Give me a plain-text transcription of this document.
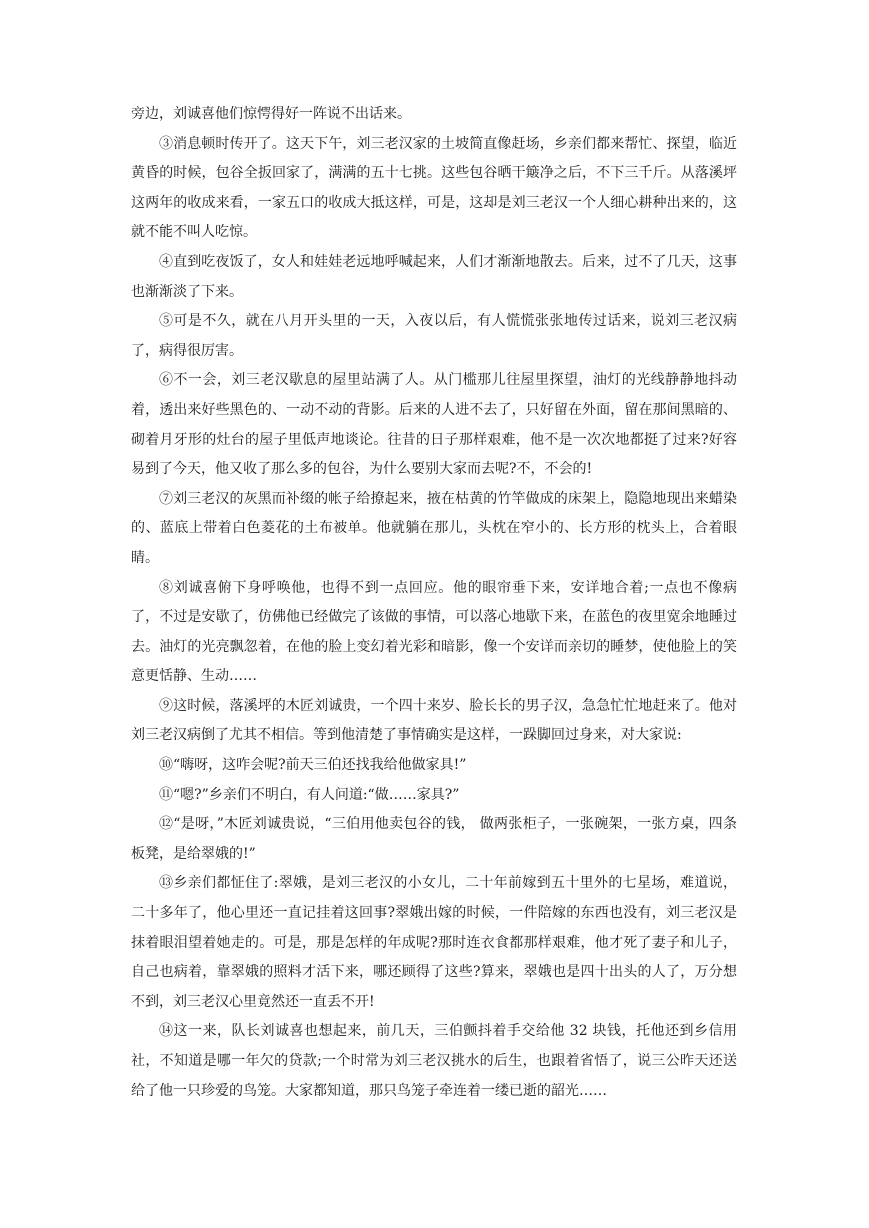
旁边，刘诚喜他们惊愕得好一阵说不出话来。

③消息顿时传开了。这天下午，刘三老汉家的土坡简直像赶场，乡亲们都来帮忙、探望，临近黄昏的时候，包谷全扳回家了，满满的五十七挑。这些包谷晒干簸净之后，不下三千斤。从落溪坪这两年的收成来看，一家五口的收成大抵这样，可是，这却是刘三老汉一个人细心耕种出来的，这就不能不叫人吃惊。

④直到吃夜饭了，女人和娃娃老远地呼喊起来，人们才渐渐地散去。后来，过不了几天，这事也渐渐淡了下来。

⑤可是不久，就在八月开头里的一天，入夜以后，有人慌慌张张地传过话来，说刘三老汉病了，病得很厉害。

⑥不一会，刘三老汉歇息的屋里站满了人。从门槛那儿往屋里探望，油灯的光线静静地抖动着，透出来好些黑色的、一动不动的背影。后来的人进不去了，只好留在外面，留在那间黑暗的、砌着月牙形的灶台的屋子里低声地谈论。往昔的日子那样艰难，他不是一次次地都挺了过来?好容易到了今天，他又收了那么多的包谷，为什么要别大家而去呢?不，不会的!

⑦刘三老汉的灰黑而补缀的帐子给撩起来，掖在枯黄的竹竿做成的床架上，隐隐地现出来蜡染的、蓝底上带着白色菱花的土布被单。他就躺在那儿，头枕在窄小的、长方形的枕头上，合着眼睛。

⑧刘诚喜俯下身呼唤他，也得不到一点回应。他的眼帘垂下来，安详地合着;一点也不像病了，不过是安歇了，仿佛他已经做完了该做的事情，可以落心地歇下来，在蓝色的夜里宽余地睡过去。油灯的光亮飘忽着，在他的脸上变幻着光彩和暗影，像一个安详而亲切的睡梦，使他脸上的笑意更恬静、生动……

⑨这时候，落溪坪的木匠刘诚贵，一个四十来岁、脸长长的男子汉，急急忙忙地赶来了。他对刘三老汉病倒了尤其不相信。等到他清楚了事情确实是这样，一跺脚回过身来，对大家说:

⑩“嗨呀，这咋会呢?前天三伯还找我给他做家具!”

⑪“嗯?”乡亲们不明白，有人问道:“做……家具?”

⑫“是呀，”木匠刘诚贵说，“三伯用他卖包谷的钱， 做两张柜子，一张碗架，一张方桌，四条板凳，是给翠娥的!”

⑬乡亲们都怔住了:翠娥，是刘三老汉的小女儿，二十年前嫁到五十里外的七星场，难道说，二十多年了，他心里还一直记挂着这回事?翠娥出嫁的时候，一件陪嫁的东西也没有，刘三老汉是抹着眼泪望着她走的。可是，那是怎样的年成呢?那时连衣食都那样艰难，他才死了妻子和儿子，自己也病着，靠翠娥的照料才活下来，哪还顾得了这些?算来，翠娥也是四十出头的人了，万分想不到，刘三老汉心里竟然还一直丢不开!

⑭这一来，队长刘诚喜也想起来，前几天，三伯颤抖着手交给他 32 块钱，托他还到乡信用社，不知道是哪一年欠的贷款;一个时常为刘三老汉挑水的后生，也跟着省悟了，说三公昨天还送给了他一只珍爱的鸟笼。大家都知道，那只鸟笼子牵连着一缕已逝的韶光……
